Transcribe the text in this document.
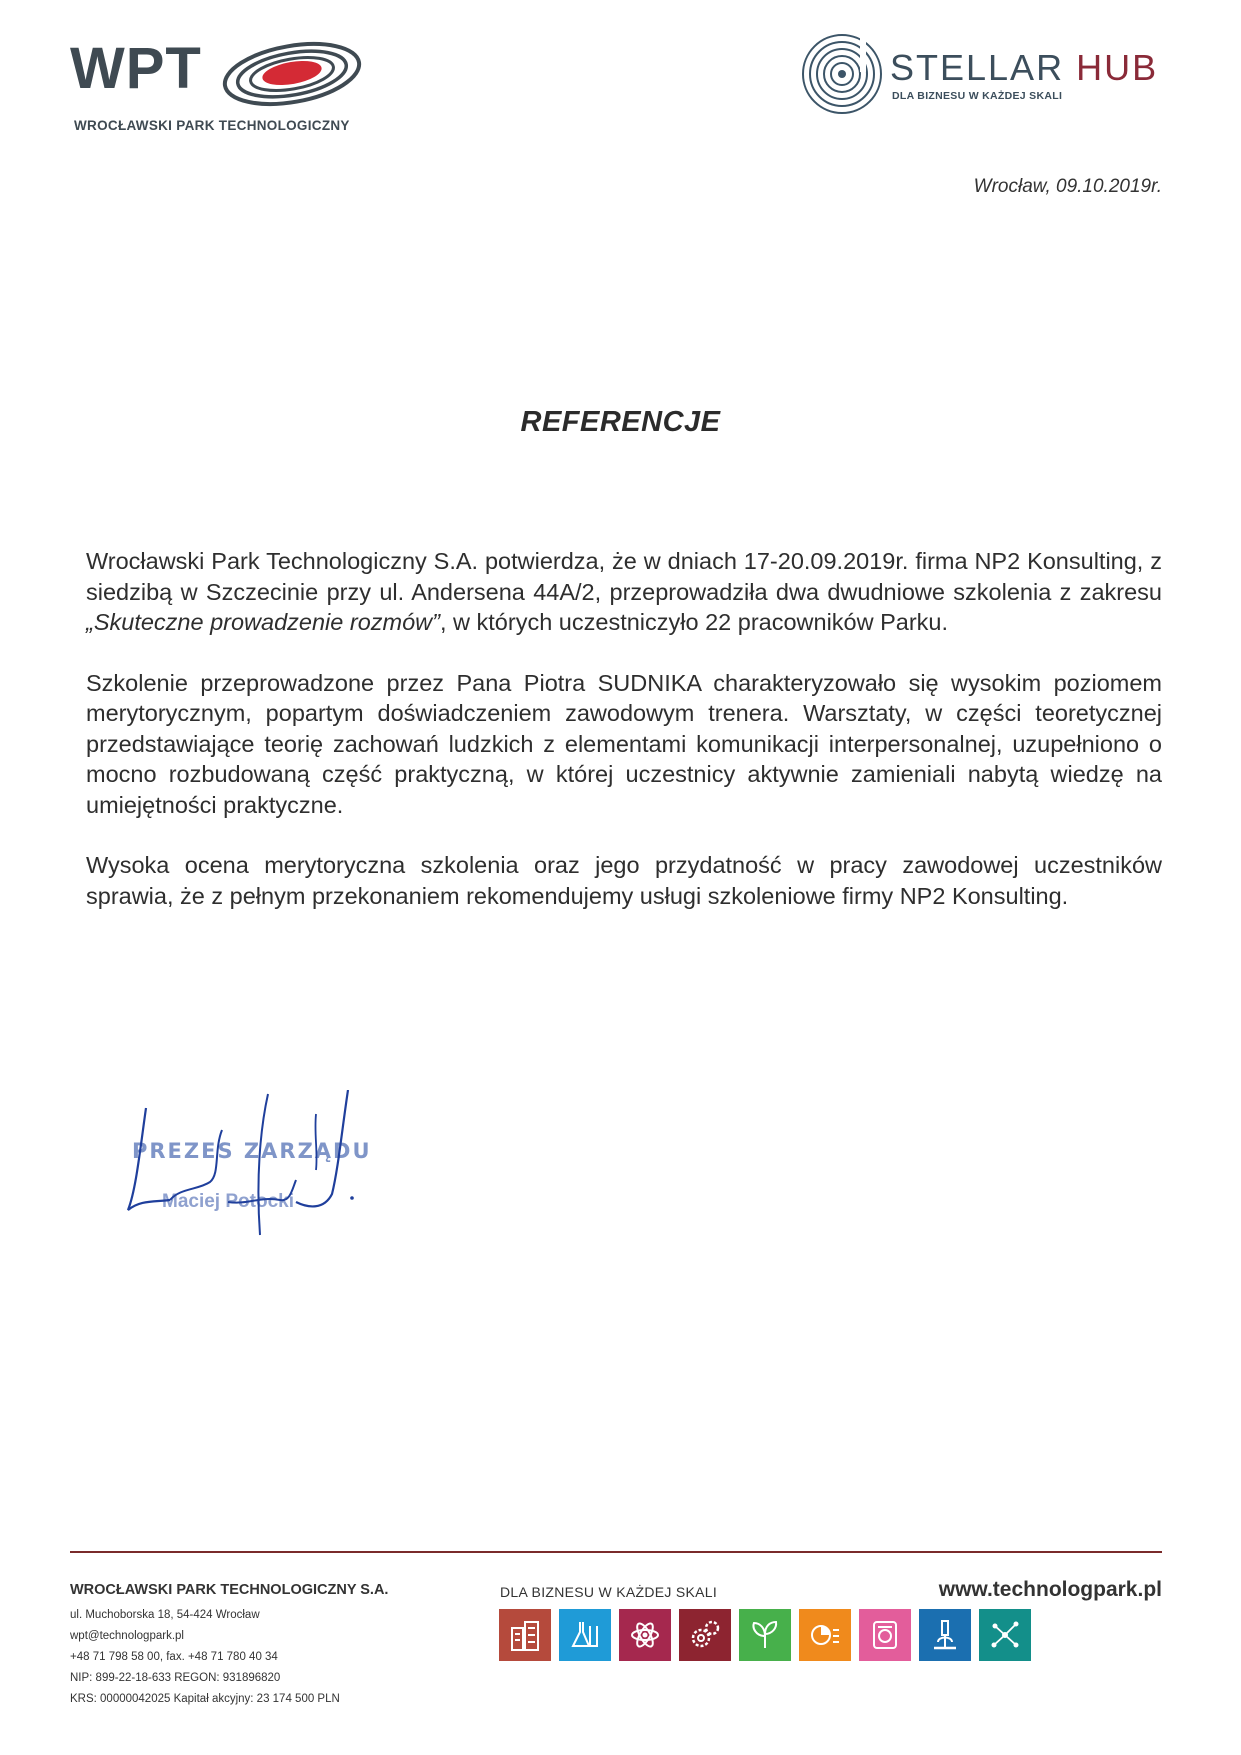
WPT
WROCŁAWSKI PARK TECHNOLOGICZNY
STELLAR HUB
DLA BIZNESU W KAŻDEJ SKALI
Wrocław, 09.10.2019r.
REFERENCJE

Wrocławski Park Technologiczny S.A. potwierdza, że w dniach 17-20.09.2019r. firma NP2 Konsulting, z siedzibą w Szczecinie przy ul. Andersena 44A/2, przeprowadziła dwa dwudniowe szkolenia z zakresu „Skuteczne prowadzenie rozmów”, w których uczestniczyło 22 pracowników Parku.

Szkolenie przeprowadzone przez Pana Piotra SUDNIKA charakteryzowało się wysokim poziomem merytorycznym, popartym doświadczeniem zawodowym trenera. Warsztaty, w części teoretycznej przedstawiające teorię zachowań ludzkich z elementami komunikacji interpersonalnej, uzupełniono o mocno rozbudowaną część praktyczną, w której uczestnicy aktywnie zamieniali nabytą wiedzę na umiejętności praktyczne.

Wysoka ocena merytoryczna szkolenia oraz jego przydatność w pracy zawodowej uczestników sprawia, że z pełnym przekonaniem rekomendujemy usługi szkoleniowe firmy NP2 Konsulting.

PREZES ZARZĄDU
Maciej Potocki
WROCŁAWSKI PARK TECHNOLOGICZNY S.A.
ul. Muchoborska 18, 54-424 Wrocław
wpt@technologpark.pl
+48 71 798 58 00, fax. +48 71 780 40 34
NIP: 899-22-18-633 REGON: 931896820
KRS: 00000042025 Kapitał akcyjny: 23 174 500 PLN
DLA BIZNESU W KAŻDEJ SKALI	www.technologpark.pl
